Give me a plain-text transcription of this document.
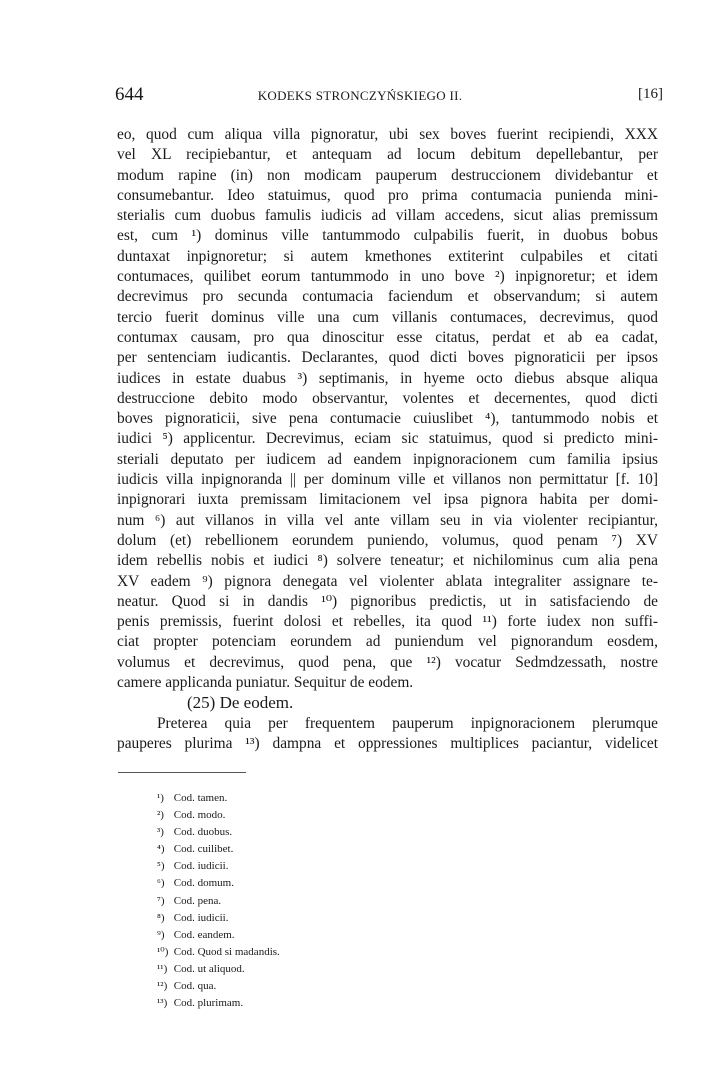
644	KODEKS STRONCZYŃSKIEGO II.	[16]
eo, quod cum aliqua villa pignoratur, ubi sex boves fuerint recipiendi, XXX
vel XL recipiebantur, et antequam ad locum debitum depellebantur, per
modum rapine (in) non modicam pauperum destruccionem dividebantur et
consumebantur. Ideo statuimus, quod pro prima contumacia punienda mini-
sterialis cum duobus famulis iudicis ad villam accedens, sicut alias premissum
est, cum ¹) dominus ville tantummodo culpabilis fuerit, in duobus bobus
duntaxat inpignoretur; si autem kmethones extiterint culpabiles et citati
contumaces, quilibet eorum tantummodo in uno bove ²) inpignoretur; et idem
decrevimus pro secunda contumacia faciendum et observandum; si autem
tercio fuerit dominus ville una cum villanis contumaces, decrevimus, quod
contumax causam, pro qua dinoscitur esse citatus, perdat et ab ea cadat,
per sentenciam iudicantis. Declarantes, quod dicti boves pignoraticii per ipsos
iudices in estate duabus ³) septimanis, in hyeme octo diebus absque aliqua
destruccione debito modo observantur, volentes et decernentes, quod dicti
boves pignoraticii, sive pena contumacie cuiuslibet ⁴), tantummodo nobis et
iudici ⁵) applicentur. Decrevimus, eciam sic statuimus, quod si predicto mini-
steriali deputato per iudicem ad eandem inpignoracionem cum familia ipsius
iudicis villa inpignoranda || per dominum ville et villanos non permittatur [f. 10]
inpignorari iuxta premissam limitacionem vel ipsa pignora habita per domi-
num ⁶) aut villanos in villa vel ante villam seu in via violenter recipiantur,
dolum (et) rebellionem eorundem puniendo, volumus, quod penam ⁷) XV
idem rebellis nobis et iudici ⁸) solvere teneatur; et nichilominus cum alia pena
XV eadem ⁹) pignora denegata vel violenter ablata integraliter assignare te-
neatur. Quod si in dandis ¹⁰) pignoribus predictis, ut in satisfaciendo de
penis premissis, fuerint dolosi et rebelles, ita quod ¹¹) forte iudex non suffi-
ciat propter potenciam eorundem ad puniendum vel pignorandum eosdem,
volumus et decrevimus, quod pena, que ¹²) vocatur Sedmdzessath, nostre
camere applicanda puniatur. Sequitur de eodem.
(25) De eodem.
Preterea quia per frequentem pauperum inpignoracionem plerumque
pauperes plurima ¹³) dampna et oppressiones multiplices paciantur, videlicet
¹) Cod. tamen.
²) Cod. modo.
³) Cod. duobus.
⁴) Cod. cuilibet.
⁵) Cod. iudicii.
⁶) Cod. domum.
⁷) Cod. pena.
⁸) Cod. iudicii.
⁹) Cod. eandem.
¹⁰) Cod. Quod si madandis.
¹¹) Cod. ut aliquod.
¹²) Cod. qua.
¹³) Cod. plurimam.
